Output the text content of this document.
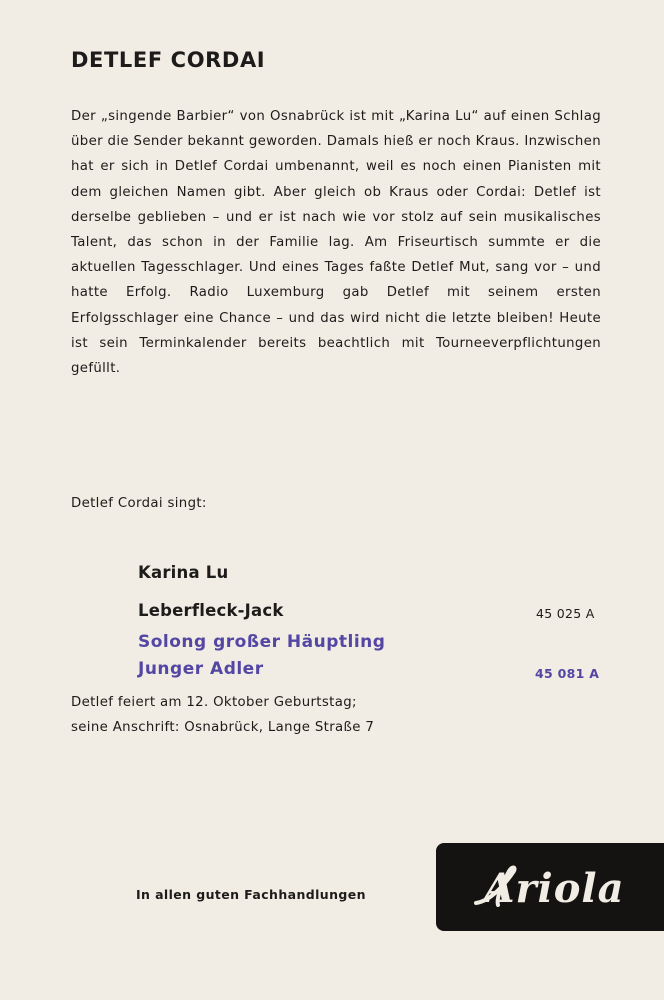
DETLEF CORDAI

Der „singende Barbier“ von Osnabrück ist mit „Karina Lu“ auf einen Schlag über die Sender bekannt geworden. Damals hieß er noch Kraus. Inzwischen hat er sich in Detlef Cordai umbenannt, weil es noch einen Pianisten mit dem gleichen Namen gibt. Aber gleich ob Kraus oder Cordai: Detlef ist derselbe geblieben – und er ist nach wie vor stolz auf sein musikalisches Talent, das schon in der Familie lag. Am Friseurtisch summte er die aktuellen Tagesschlager. Und eines Tages faßte Detlef Mut, sang vor – und hatte Erfolg. Radio Luxemburg gab Detlef mit seinem ersten Erfolgsschlager eine Chance – und das wird nicht die letzte bleiben! Heute ist sein Terminkalender bereits beachtlich mit Tourneeverpflichtungen gefüllt.

Detlef Cordai singt:
Karina Lu
Leberfleck-Jack	45 025 A
Solong großer Häuptling
Junger Adler	45 081 A
Detlef feiert am 12. Oktober Geburtstag;
seine Anschrift: Osnabrück, Lange Straße 7
In allen guten Fachhandlungen	Ariola
